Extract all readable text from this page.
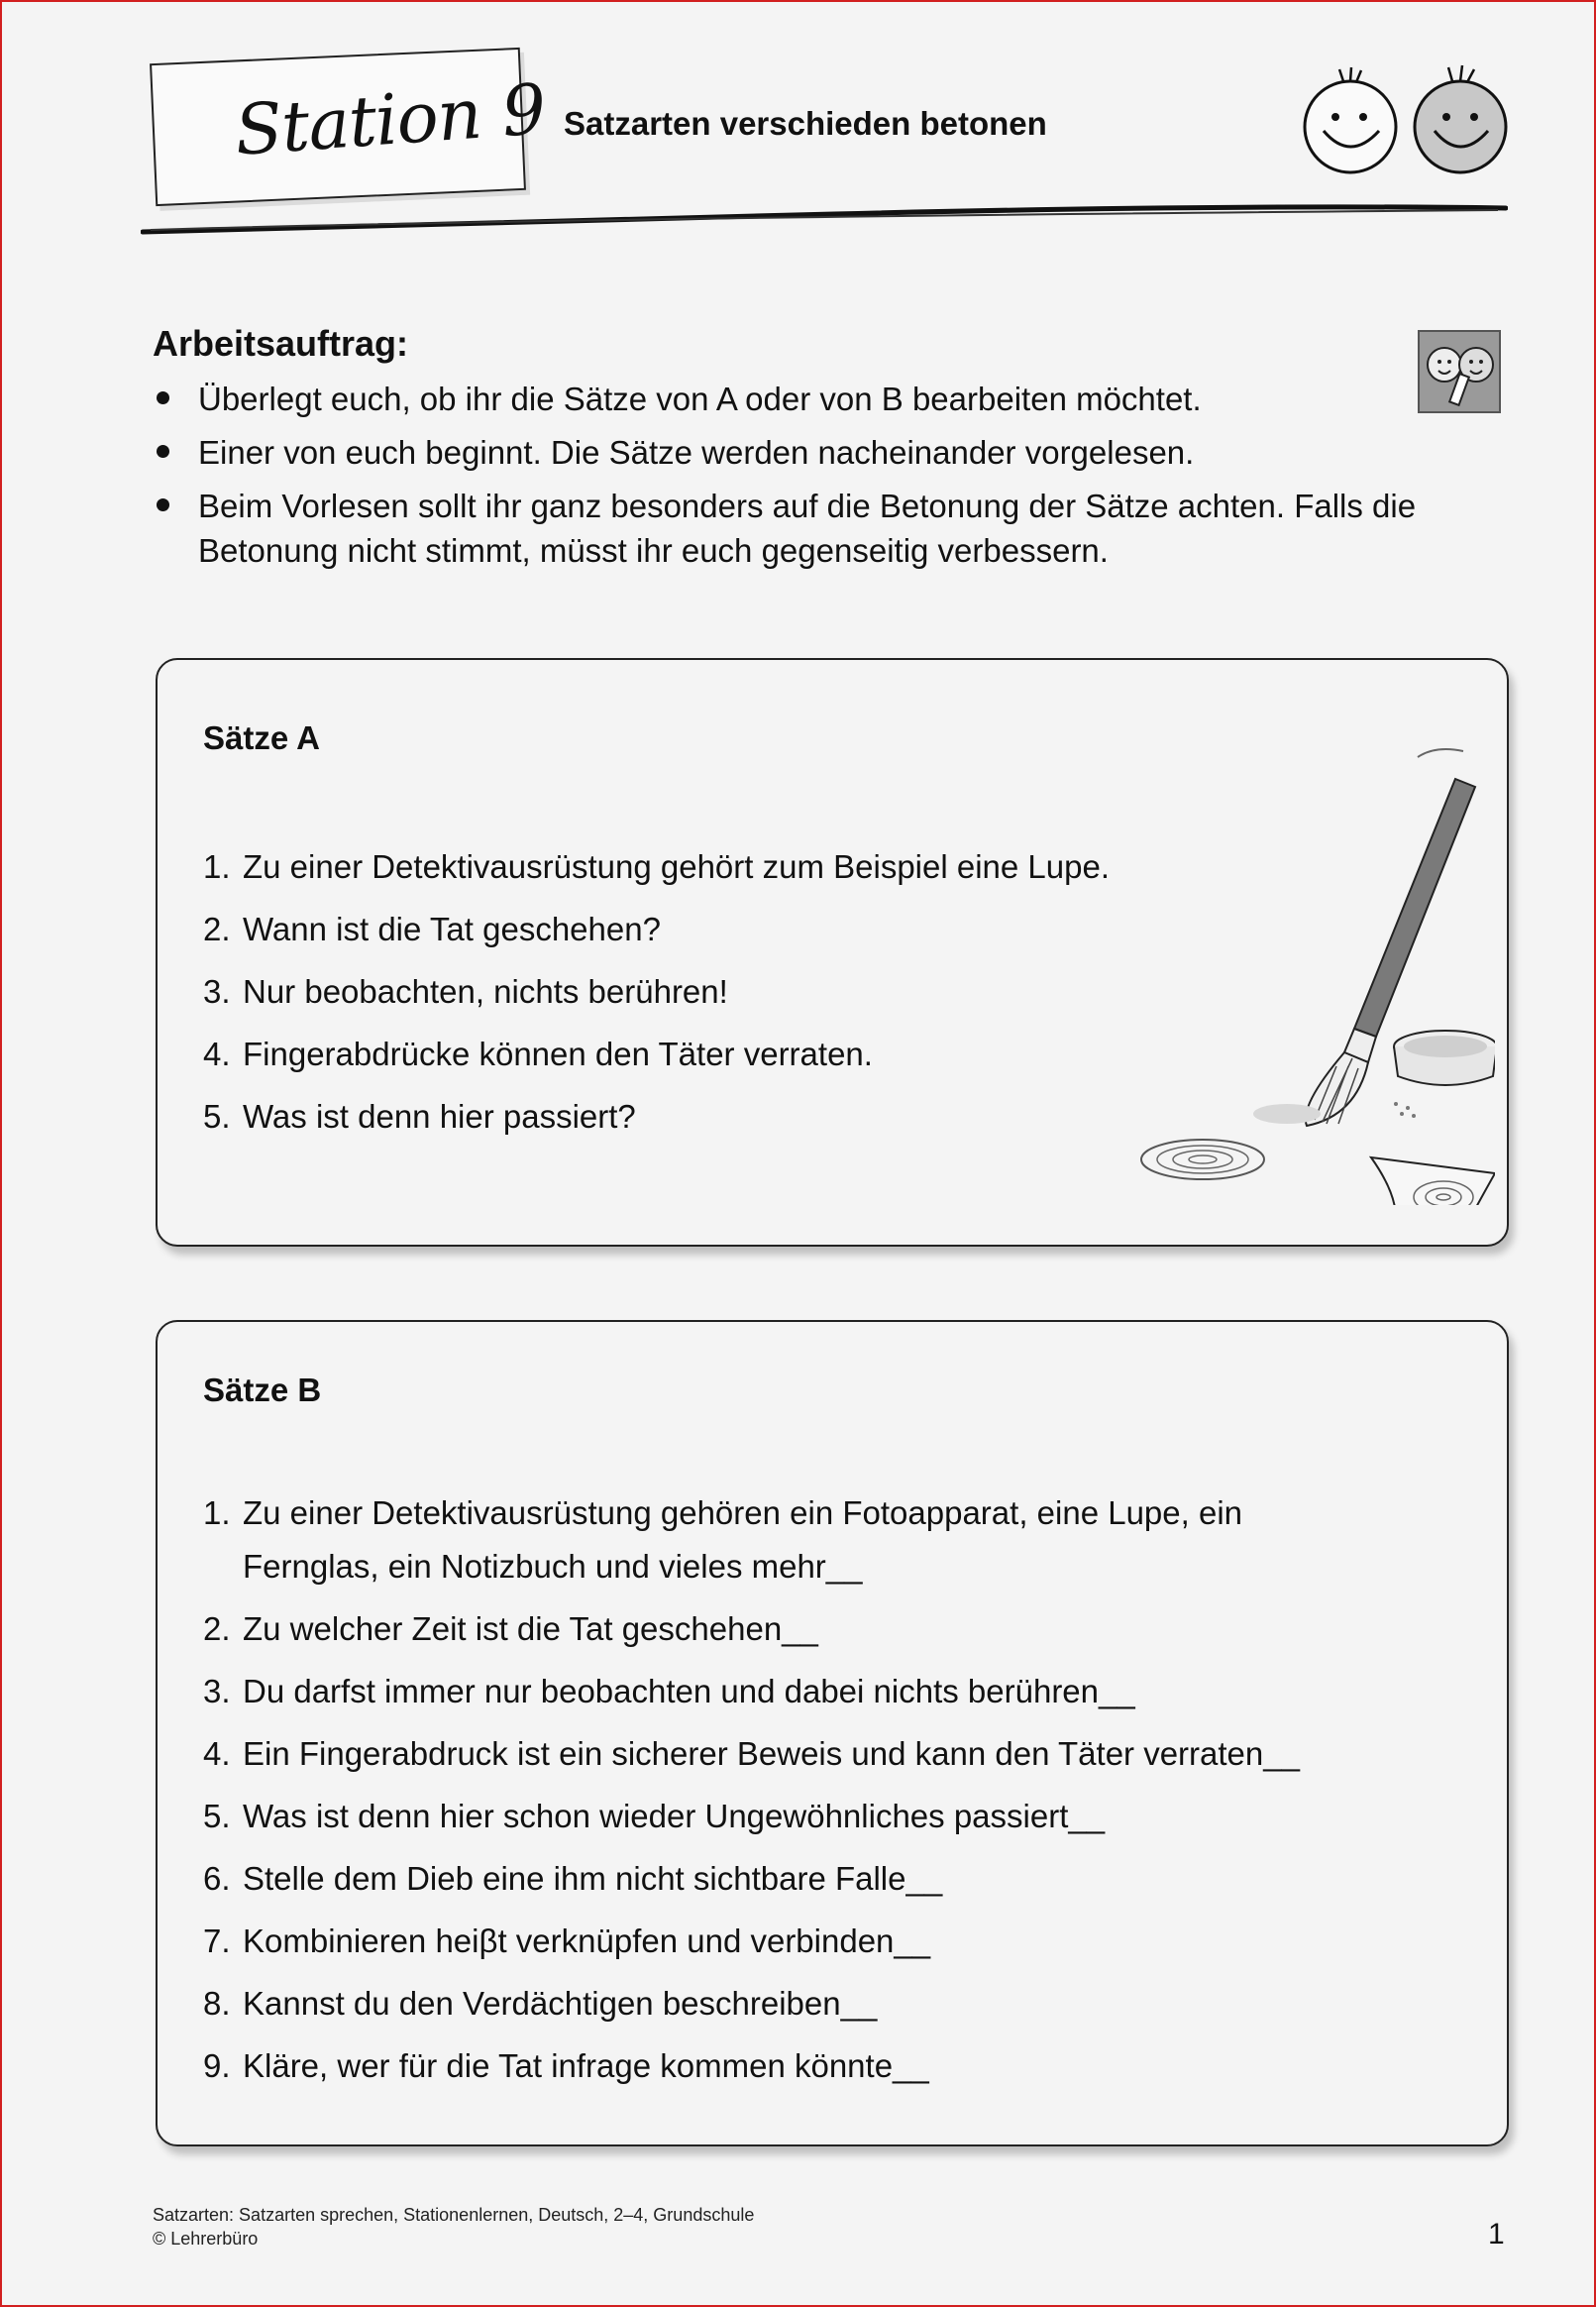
Station 9 Satzarten verschieden betonen
Arbeitsauftrag:
Überlegt euch, ob ihr die Sätze von A oder von B bearbeiten möchtet.
Einer von euch beginnt. Die Sätze werden nacheinander vorgelesen.
Beim Vorlesen sollt ihr ganz besonders auf die Betonung der Sätze achten. Falls die Betonung nicht stimmt, müsst ihr euch gegenseitig verbessern.
Sätze A
1. Zu einer Detektivausrüstung gehört zum Beispiel eine Lupe.
2. Wann ist die Tat geschehen?
3. Nur beobachten, nichts berühren!
4. Fingerabdrücke können den Täter verraten.
5. Was ist denn hier passiert?
Sätze B
1. Zu einer Detektivausrüstung gehören ein Fotoapparat, eine Lupe, ein Fernglas, ein Notizbuch und vieles mehr__
2. Zu welcher Zeit ist die Tat geschehen__
3. Du darfst immer nur beobachten und dabei nichts berühren__
4. Ein Fingerabdruck ist ein sicherer Beweis und kann den Täter verraten__
5. Was ist denn hier schon wieder Ungewöhnliches passiert__
6. Stelle dem Dieb eine ihm nicht sichtbare Falle__
7. Kombinieren heiβt verknüpfen und verbinden__
8. Kannst du den Verdächtigen beschreiben__
9. Kläre, wer für die Tat infrage kommen könnte__
Satzarten: Satzarten sprechen, Stationenlernen, Deutsch, 2–4, Grundschule
© Lehrerbüro	1
